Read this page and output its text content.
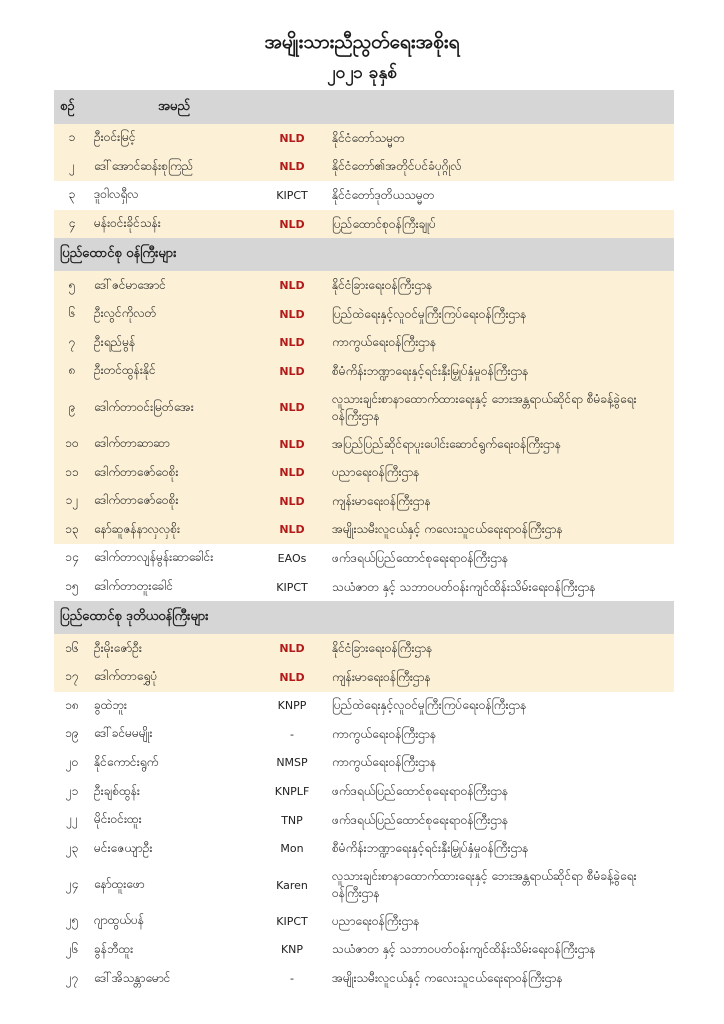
အမျိုးသားညီညွတ်ရေးအစိုးရ
၂၀၂၁ ခုနှစ်
စဥ်	အမည်
၁	ဦးဝင်းမြင့်	NLD	နိုင်ငံတော်သမ္မတ
၂	ဒေါ်အောင်ဆန်းစုကြည်	NLD	နိုင်ငံတော်၏အတိုင်ပင်ခံပုဂ္ဂိုလ်
၃	ဒူဝါလရှီလ	KIPCT	နိုင်ငံတော်ဒုတိယသမ္မတ
၄	မန်းဝင်းခိုင်သန်း	NLD	ပြည်ထောင်စုဝန်ကြီးချုပ်
ပြည်ထောင်စု ဝန်ကြီးများ
၅	ဒေါ်ဇင်မာအောင်	NLD	နိုင်ငံခြားရေးဝန်ကြီးဌာန
၆	ဦးလွင်ကိုလတ်	NLD	ပြည်ထဲရေးနှင့်လူဝင်မှုကြီးကြပ်ရေးဝန်ကြီးဌာန
၇	ဦးရည်မွန်	NLD	ကာကွယ်ရေးဝန်ကြီးဌာန
၈	ဦးတင်ထွန်းနိုင်	NLD	စီမံကိန်းဘဏ္ဍာရေးနှင့်ရင်းနှီးမြှုပ်နှံမှုဝန်ကြီးဌာန
၉	ဒေါက်တာဝင်းမြတ်အေး	NLD
လူသားချင်းစာနာထောက်ထားရေးနှင့် ဘေးအန္တရာယ်ဆိုင်ရာ စီမံခန့်ခွဲရေးဝန်ကြီးဌာန
၁၀	ဒေါက်တာဆာဆာ	NLD	အပြည်ပြည်ဆိုင်ရာပူးပေါင်းဆောင်ရွက်ရေးဝန်ကြီးဌာန
၁၁	ဒေါက်တာဇော်ဝေစိုး	NLD	ပညာရေးဝန်ကြီးဌာန
၁၂	ဒေါက်တာဇော်ဝေစိုး	NLD	ကျန်းမာရေးဝန်ကြီးဌာန
၁၃	နော်ဆူဇန်နာလှလှစိုး	NLD	အမျိုးသမီးလူငယ်နှင့် ကလေးသူငယ်ရေးရာဝန်ကြီးဌာန
၁၄	ဒေါက်တာလျန်မွန်းဆာခေါင်း	EAOs	ဖက်ဒရယ်ပြည်ထောင်စုရေးရာဝန်ကြီးဌာန
၁၅	ဒေါက်တာတူးခေါင်	KIPCT	သယံဇာတ နှင့် သဘာဝပတ်ဝန်းကျင်ထိန်းသိမ်းရေးဝန်ကြီးဌာန
ပြည်ထောင်စု ဒုတိယဝန်ကြီးများ
၁၆	ဦးမိုးဇော်ဦး	NLD	နိုင်ငံခြားရေးဝန်ကြီးဌာန
၁၇	ဒေါက်တာရွှေပုံ	NLD	ကျန်းမာရေးဝန်ကြီးဌာန
၁၈	ခွထဲဘူး	KNPP	ပြည်ထဲရေးနှင့်လူဝင်မှုကြီးကြပ်ရေးဝန်ကြီးဌာန
၁၉	ဒေါ်ခင်မမမျိုး	-	ကာကွယ်ရေးဝန်ကြီးဌာန
၂၀	နိုင်ကောင်းရွက်	NMSP	ကာကွယ်ရေးဝန်ကြီးဌာန
၂၁	ဦးချစ်ထွန်း	KNPLF	ဖက်ဒရယ်ပြည်ထောင်စုရေးရာဝန်ကြီးဌာန
၂၂	မိုင်းဝင်းထူး	TNP	ဖက်ဒရယ်ပြည်ထောင်စုရေးရာဝန်ကြီးဌာန
၂၃	မင်းဇေယျာဦး	Mon	စီမံကိန်းဘဏ္ဍာရေးနှင့်ရင်းနှီးမြှုပ်နှံမှုဝန်ကြီးဌာန
၂၄	နော်ထူးဖော	Karen
လူသားချင်းစာနာထောက်ထားရေးနှင့် ဘေးအန္တရာယ်ဆိုင်ရာ စီမံခန့်ခွဲရေးဝန်ကြီးဌာန
၂၅	ဂျာထွယ်ပန်	KIPCT	ပညာရေးဝန်ကြီးဌာန
၂၆	ခွန်ဘီထူး	KNP	သယံဇာတ နှင့် သဘာဝပတ်ဝန်းကျင်ထိန်းသိမ်းရေးဝန်ကြီးဌာန
၂၇	ဒေါ်အိသန္တာမောင်	-	အမျိုးသမီးလူငယ်နှင့် ကလေးသူငယ်ရေးရာဝန်ကြီးဌာန
